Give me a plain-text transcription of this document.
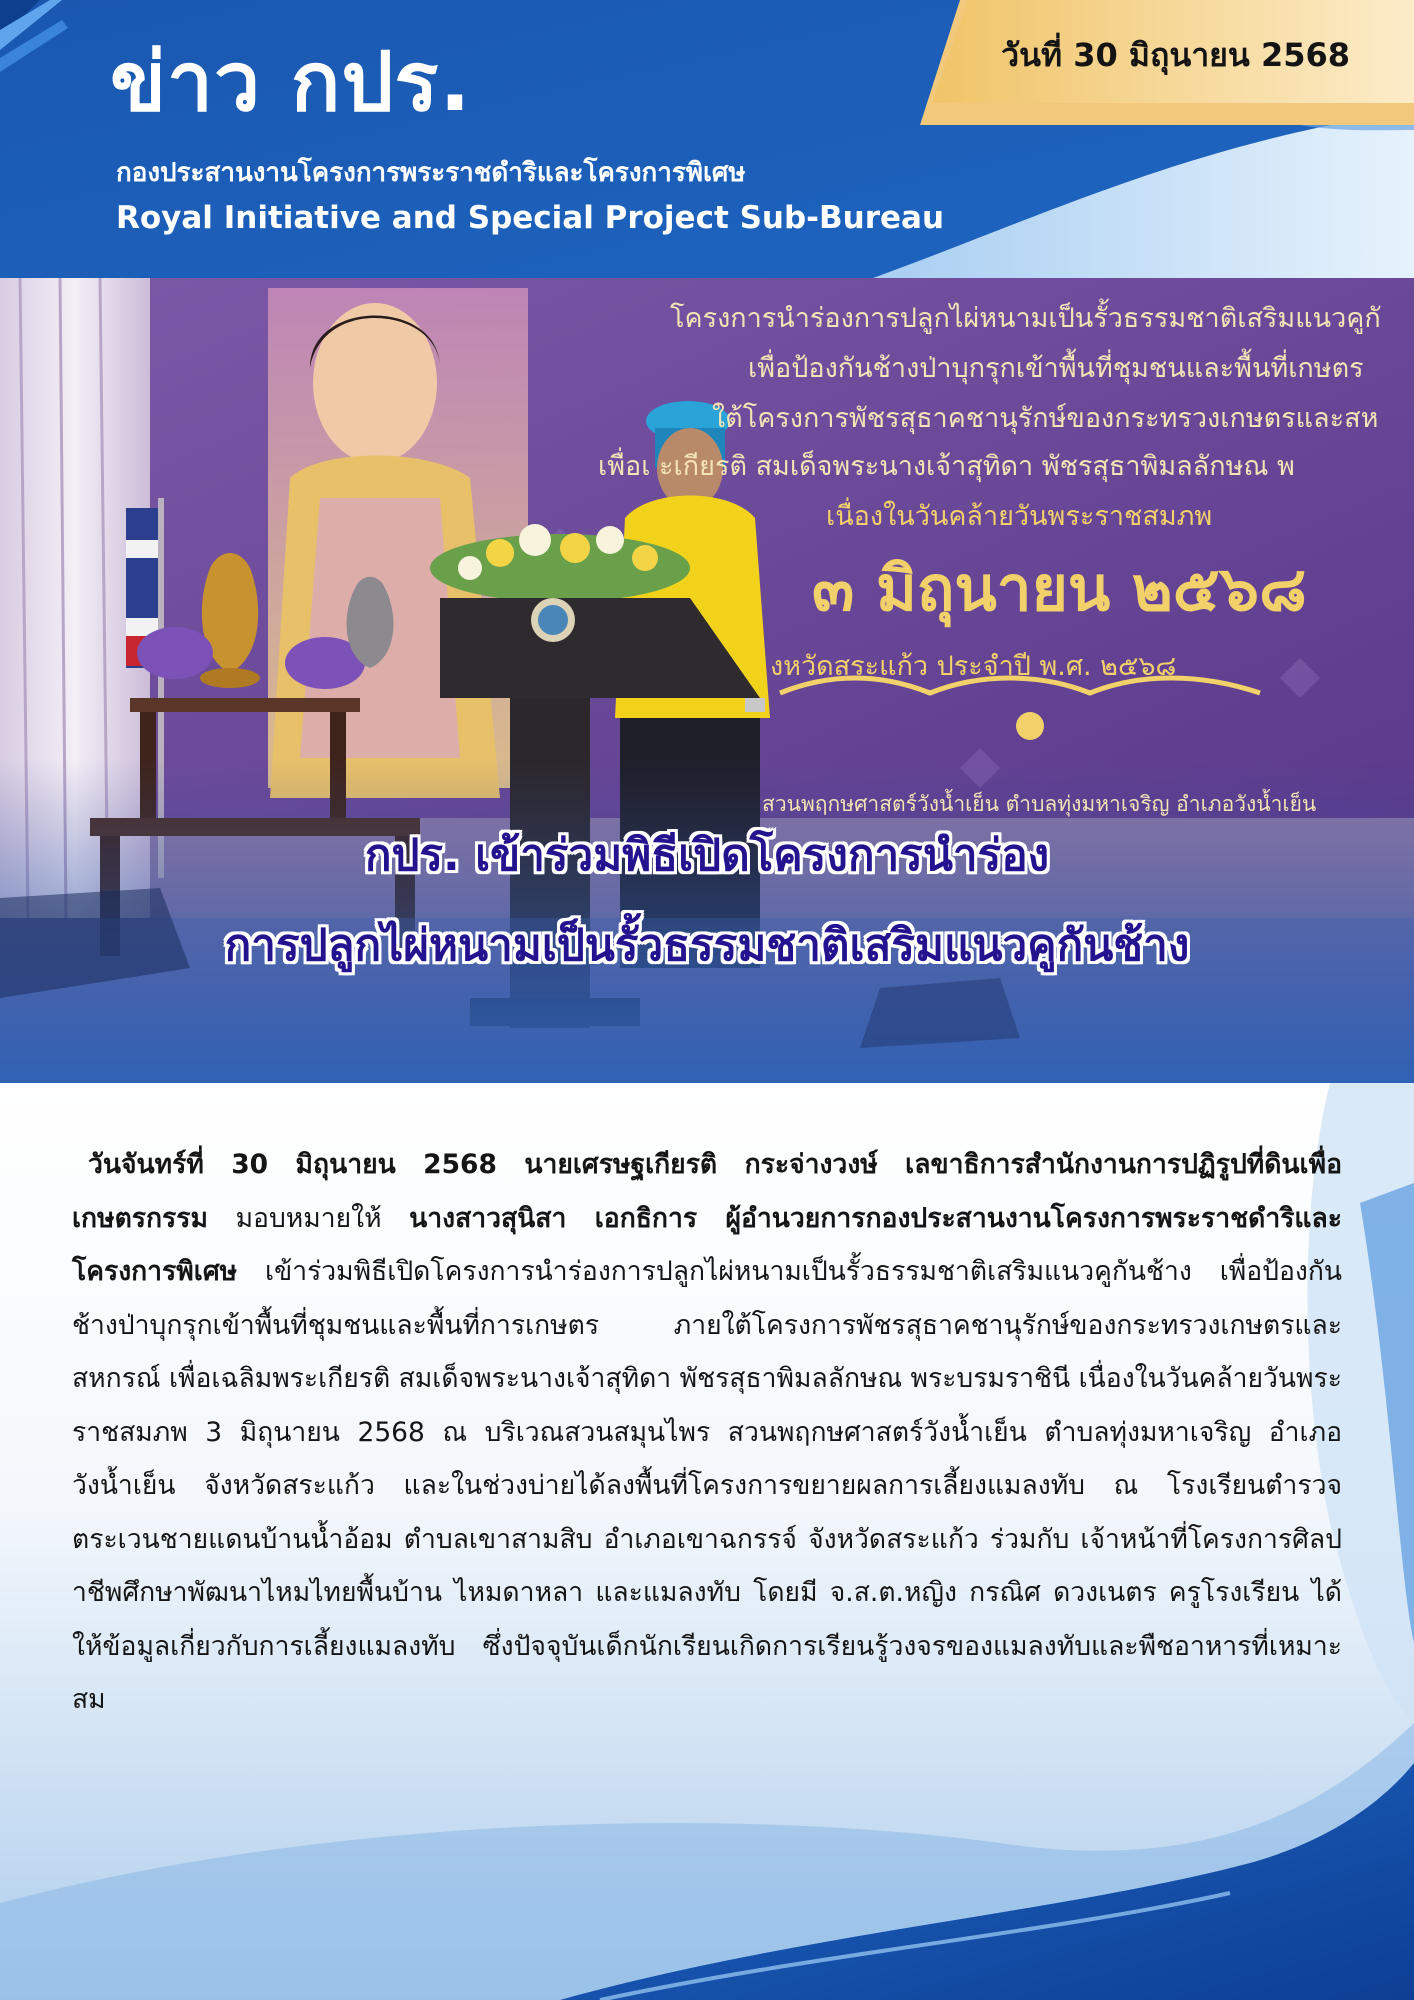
ข่าว กปร.
กองประสานงานโครงการพระราชดำริและโครงการพิเศษ
Royal Initiative and Special Project Sub-Bureau
วันที่ 30 มิถุนายน 2568
โครงการนำร่องการปลูกไผ่หนามเป็นรั้วธรรมชาติเสริมแนวคูกั
เพื่อป้องกันช้างป่าบุกรุกเข้าพื้นที่ชุมชนและพื้นที่เกษตร
ใต้โครงการพัชรสุธาคชานุรักษ์ของกระทรวงเกษตรและสห
เพื่อเ ะเกียรติ สมเด็จพระนางเจ้าสุทิดา พัชรสุธาพิมลลักษณ พ
เนื่องในวันคล้ายวันพระราชสมภพ
๓ มิถุนายน ๒๕๖๘
งหวัดสระแก้ว ประจำปี พ.ศ. ๒๕๖๘
สวนพฤกษศาสตร์วังน้ำเย็น ตำบลทุ่งมหาเจริญ อำเภอวังน้ำเย็น
กปร. เข้าร่วมพิธีเปิดโครงการนำร่อง
การปลูกไผ่หนามเป็นรั้วธรรมชาติเสริมแนวคูกันช้าง

วันจันทร์ที่ 30 มิถุนายน 2568 นายเศรษฐเกียรติ กระจ่างวงษ์ เลขาธิการสำนักงานการปฏิรูปที่ดินเพื่อเกษตรกรรม มอบหมายให้ นางสาวสุนิสา เอกธิการ ผู้อำนวยการกองประสานงานโครงการพระราชดำริและโครงการพิเศษ เข้าร่วมพิธีเปิดโครงการนำร่องการปลูกไผ่หนามเป็นรั้วธรรมชาติเสริมแนวคูกันช้าง เพื่อป้องกันช้างป่าบุกรุกเข้าพื้นที่ชุมชนและพื้นที่การเกษตร ภายใต้โครงการพัชรสุธาคชานุรักษ์ของกระทรวงเกษตรและสหกรณ์ เพื่อเฉลิมพระเกียรติ สมเด็จพระนางเจ้าสุทิดา พัชรสุธาพิมลลักษณ พระบรมราชินี เนื่องในวันคล้ายวันพระราชสมภพ 3 มิถุนายน 2568 ณ บริเวณสวนสมุนไพร สวนพฤกษศาสตร์วังน้ำเย็น ตำบลทุ่งมหาเจริญ อำเภอวังน้ำเย็น จังหวัดสระแก้ว และในช่วงบ่ายได้ลงพื้นที่โครงการขยายผลการเลี้ยงแมลงทับ ณ โรงเรียนตำรวจตระเวนชายแดนบ้านน้ำอ้อม ตำบลเขาสามสิบ อำเภอเขาฉกรรจ์ จังหวัดสระแก้ว ร่วมกับ เจ้าหน้าที่โครงการศิลปาชีพศึกษาพัฒนาไหมไทยพื้นบ้าน ไหมดาหลา และแมลงทับ โดยมี จ.ส.ต.หญิง กรณิศ ดวงเนตร ครูโรงเรียน ได้ให้ข้อมูลเกี่ยวกับการเลี้ยงแมลงทับ ซึ่งปัจจุบันเด็กนักเรียนเกิดการเรียนรู้วงจรของแมลงทับและพืชอาหารที่เหมาะสม
